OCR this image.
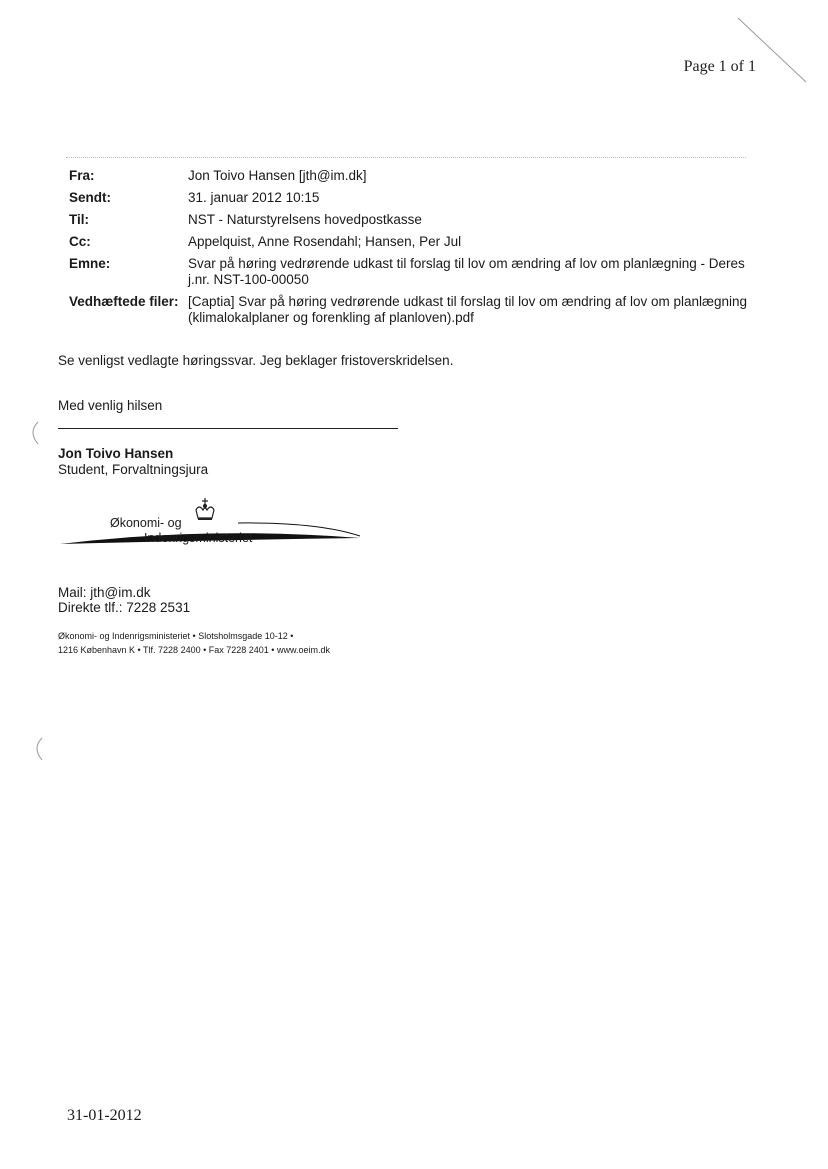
Page 1 of 1
Fra:	Jon Toivo Hansen [jth@im.dk]
Sendt:	31. januar 2012 10:15
Til:	NST - Naturstyrelsens hovedpostkasse
Cc:	Appelquist, Anne Rosendahl; Hansen, Per Jul
Emne:	Svar på høring vedrørende udkast til forslag til lov om ændring af lov om planlægning - Deres j.nr. NST-100-00050
Vedhæftede filer: [Captia] Svar på høring vedrørende udkast til forslag til lov om ændring af lov om planlægning (klimalokalplaner og forenkling af planloven).pdf
Se venligst vedlagte høringssvar. Jeg beklager fristoverskridelsen.
Med venlig hilsen
Jon Toivo Hansen
Student, Forvaltningsjura
Økonomi- og
Indenrigsministeriet
Mail: jth@im.dk
Direkte tlf.: 7228 2531
Økonomi- og Indenrigsministeriet • Slotsholmsgade 10-12 •
1216 København K • Tlf. 7228 2400 • Fax 7228 2401 • www.oeim.dk
31-01-2012
